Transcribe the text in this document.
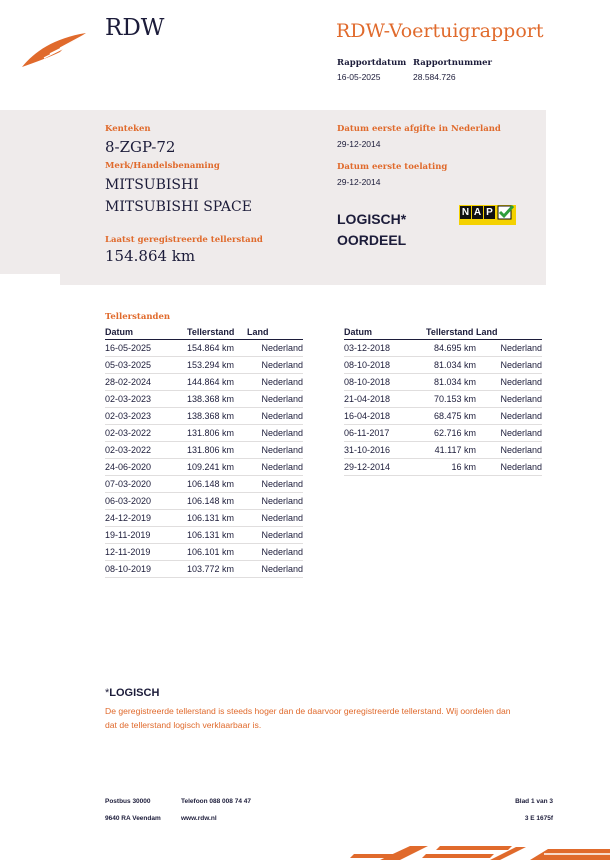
RDW	RDW-Voertuigrapport
Rapportdatum
16-05-2025
Rapportnummer
28.584.726
Kenteken
8-ZGP-72
Merk/Handelsbenaming
MITSUBISHI
MITSUBISHI SPACE
Laatst geregistreerde tellerstand
154.864 km
Datum eerste afgifte in Nederland
29-12-2014
Datum eerste toelating
29-12-2014
LOGISCH*
OORDEEL
N A P
Tellerstanden
Datum	Tellerstand	Land
16-05-2025	154.864 km	Nederland
05-03-2025	153.294 km	Nederland
28-02-2024	144.864 km	Nederland
02-03-2023	138.368 km	Nederland
02-03-2023	138.368 km	Nederland
02-03-2022	131.806 km	Nederland
02-03-2022	131.806 km	Nederland
24-06-2020	109.241 km	Nederland
07-03-2020	106.148 km	Nederland
06-03-2020	106.148 km	Nederland
24-12-2019	106.131 km	Nederland
19-11-2019	106.131 km	Nederland
12-11-2019	106.101 km	Nederland
08-10-2019	103.772 km	Nederland
Datum	Tellerstand	Land
03-12-2018	84.695 km	Nederland
08-10-2018	81.034 km	Nederland
08-10-2018	81.034 km	Nederland
21-04-2018	70.153 km	Nederland
16-04-2018	68.475 km	Nederland
06-11-2017	62.716 km	Nederland
31-10-2016	41.117 km	Nederland
29-12-2014	16 km	Nederland
*LOGISCH
De geregistreerde tellerstand is steeds hoger dan de daarvoor geregistreerde tellerstand. Wij oordelen dan
dat de tellerstand logisch verklaarbaar is.
Postbus 30000
9640 RA Veendam
Telefoon 088 008 74 47
www.rdw.nl
Blad 1 van 3
3 E 1675f
